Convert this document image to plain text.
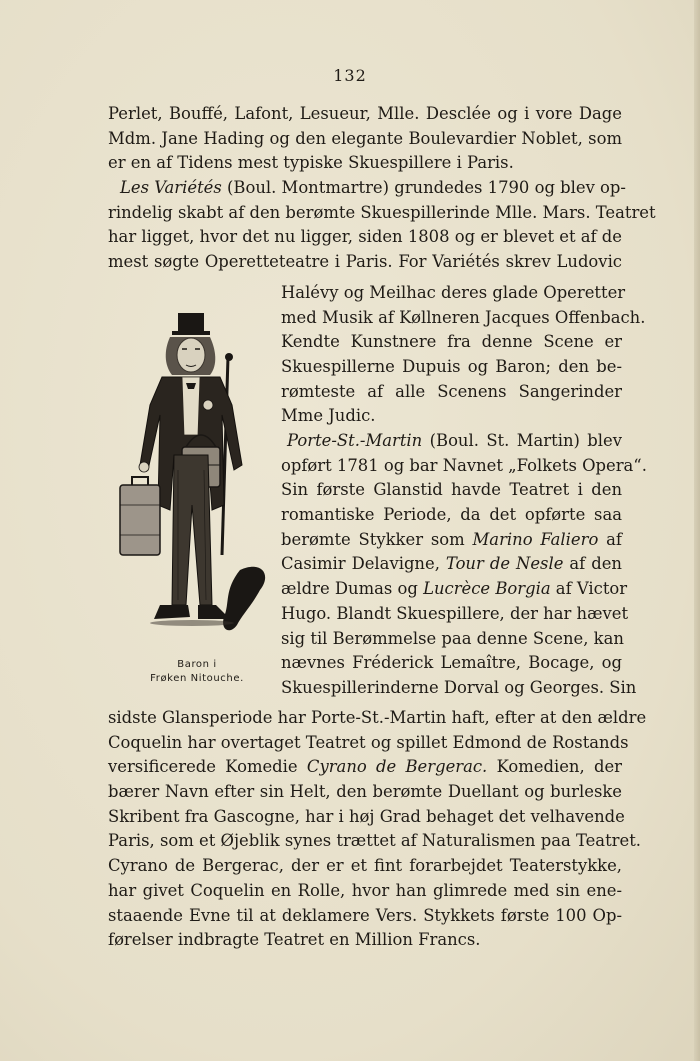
132
Perlet, Bouffé, Lafont, Lesueur, Mlle. Desclée og i vore Dage
Mdm. Jane Hading og den elegante Boulevardier Noblet, som
er en af Tidens mest typiske Skuespillere i Paris.
Les Variétés (Boul. Montmartre) grundedes 1790 og blev op-
rindelig skabt af den berømte Skuespillerinde Mlle. Mars. Teatret
har ligget, hvor det nu ligger, siden 1808 og er blevet et af de
mest søgte Operetteteatre i Paris. For Variétés skrev Ludovic
Halévy og Meilhac deres glade Operetter
med Musik af Køllneren Jacques Offenbach.
Kendte Kunstnere fra denne Scene er
Skuespillerne Dupuis og Baron; den be-
rømteste af alle Scenens Sangerinder
Mme Judic.
Porte-St.-Martin (Boul. St. Martin) blev
opført 1781 og bar Navnet „Folkets Opera“.
Sin første Glanstid havde Teatret i den
romantiske Periode, da det opførte saa
berømte Stykker som Marino Faliero af
Casimir Delavigne, Tour de Nesle af den
ældre Dumas og Lucrèce Borgia af Victor
Hugo. Blandt Skuespillere, der har hævet
sig til Berømmelse paa denne Scene, kan
nævnes Fréderick Lemaître, Bocage, og
Skuespillerinderne Dorval og Georges. Sin
Baron i
Frøken Nitouche.
sidste Glansperiode har Porte-St.-Martin haft, efter at den ældre
Coquelin har overtaget Teatret og spillet Edmond de Rostands
versificerede Komedie Cyrano de Bergerac. Komedien, der
bærer Navn efter sin Helt, den berømte Duellant og burleske
Skribent fra Gascogne, har i høj Grad behaget det velhavende
Paris, som et Øjeblik synes trættet af Naturalismen paa Teatret.
Cyrano de Bergerac, der er et fint forarbejdet Teaterstykke,
har givet Coquelin en Rolle, hvor han glimrede med sin ene-
staaende Evne til at deklamere Vers. Stykkets første 100 Op-
førelser indbragte Teatret en Million Francs.
